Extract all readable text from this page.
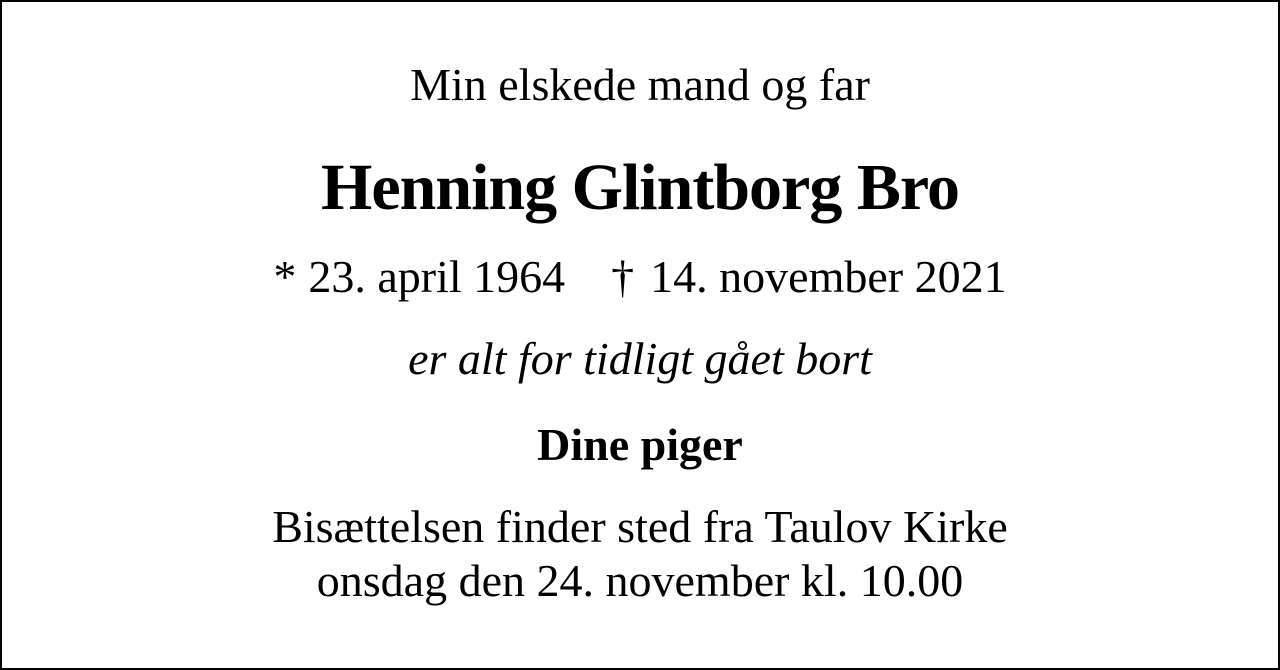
Min elskede mand og far
Henning Glintborg Bro
* 23. april 1964 † 14. november 2021
er alt for tidligt gået bort
Dine piger
Bisættelsen finder sted fra Taulov Kirke
onsdag den 24. november kl. 10.00
